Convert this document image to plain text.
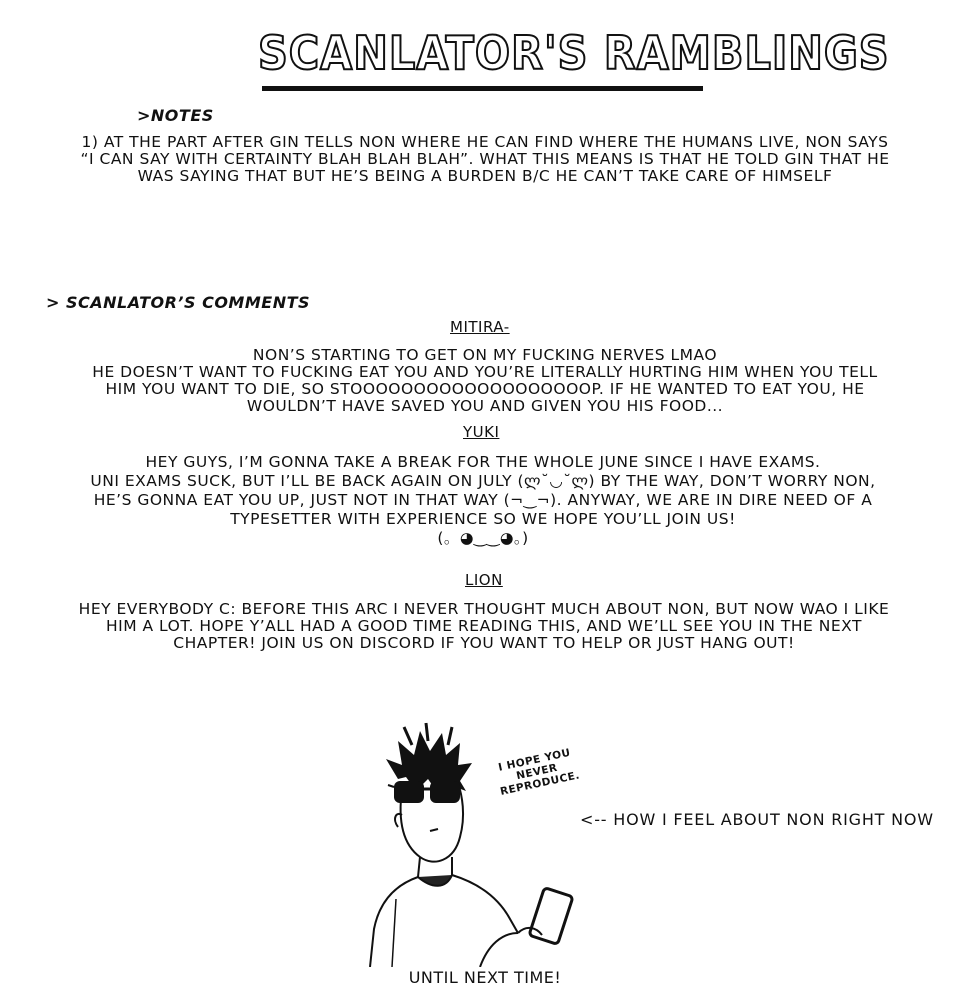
SCANLATOR'S RAMBLINGS
>NOTES
1) AT THE PART AFTER GIN TELLS NON WHERE HE CAN FIND WHERE THE HUMANS LIVE, NON SAYS “I CAN SAY WITH CERTAINTY BLAH BLAH BLAH”. WHAT THIS MEANS IS THAT HE TOLD GIN THAT HE WAS SAYING THAT BUT HE’S BEING A BURDEN B/C HE CAN’T TAKE CARE OF HIMSELF
> SCANLATOR’S COMMENTS
MITIRA-
NON’S STARTING TO GET ON MY FUCKING NERVES LMAO
HE DOESN’T WANT TO FUCKING EAT YOU AND YOU’RE LITERALLY HURTING HIM WHEN YOU TELL HIM YOU WANT TO DIE, SO STOOOOOOOOOOOOOOOOOOOP. IF HE WANTED TO EAT YOU, HE WOULDN’T HAVE SAVED YOU AND GIVEN YOU HIS FOOD...
YUKI
HEY GUYS, I’M GONNA TAKE A BREAK FOR THE WHOLE JUNE SINCE I HAVE EXAMS.
UNI EXAMS SUCK, BUT I’LL BE BACK AGAIN ON JULY (ლ˘◡˘ლ) BY THE WAY, DON’T WORRY NON, HE’S GONNA EAT YOU UP, JUST NOT IN THAT WAY (¬‿¬). ANYWAY, WE ARE IN DIRE NEED OF A TYPESETTER WITH EXPERIENCE SO WE HOPE YOU’LL JOIN US!
(。◕‿‿◕。)
LION
HEY EVERYBODY C: BEFORE THIS ARC I NEVER THOUGHT MUCH ABOUT NON, BUT NOW WAO I LIKE HIM A LOT. HOPE Y’ALL HAD A GOOD TIME READING THIS, AND WE’LL SEE YOU IN THE NEXT CHAPTER! JOIN US ON DISCORD IF YOU WANT TO HELP OR JUST HANG OUT!
I HOPE YOU NEVER REPRODUCE.
<-- HOW I FEEL ABOUT NON RIGHT NOW
UNTIL NEXT TIME!
